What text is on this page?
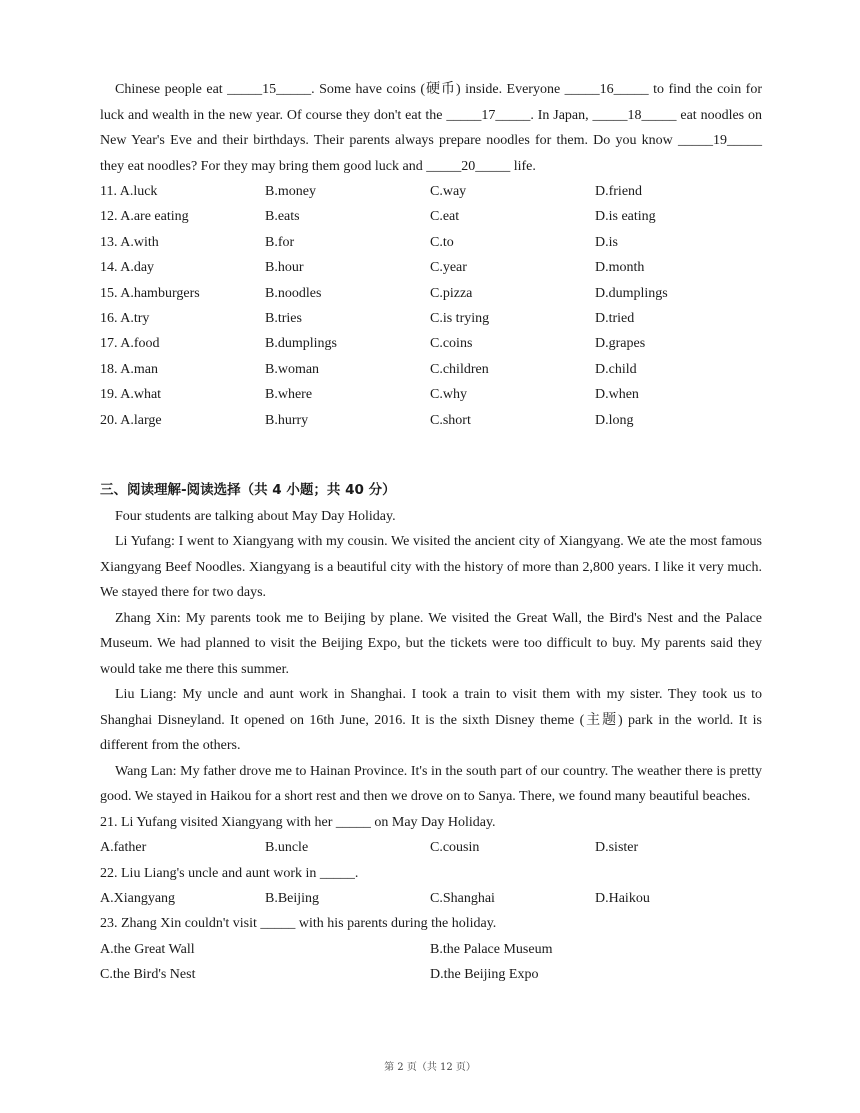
Chinese people eat _____15_____. Some have coins (硬币) inside. Everyone _____16_____ to find the coin for luck and wealth in the new year. Of course they don't eat the _____17_____. In Japan, _____18_____ eat noodles on New Year's Eve and their birthdays. Their parents always prepare noodles for them. Do you know _____19_____ they eat noodles? For they may bring them good luck and _____20_____ life.

11. A.luck	B.money	C.way	D.friend
12. A.are eating	B.eats	C.eat	D.is eating
13. A.with	B.for	C.to	D.is
14. A.day	B.hour	C.year	D.month
15. A.hamburgers	B.noodles	C.pizza	D.dumplings
16. A.try	B.tries	C.is trying	D.tried
17. A.food	B.dumplings	C.coins	D.grapes
18. A.man	B.woman	C.children	D.child
19. A.what	B.where	C.why	D.when
20. A.large	B.hurry	C.short	D.long
三、阅读理解-阅读选择（共 4 小题；共 40 分）

Four students are talking about May Day Holiday.

Li Yufang: I went to Xiangyang with my cousin. We visited the ancient city of Xiangyang. We ate the most famous Xiangyang Beef Noodles. Xiangyang is a beautiful city with the history of more than 2,800 years. I like it very much. We stayed there for two days.

Zhang Xin: My parents took me to Beijing by plane. We visited the Great Wall, the Bird's Nest and the Palace Museum. We had planned to visit the Beijing Expo, but the tickets were too difficult to buy. My parents said they would take me there this summer.

Liu Liang: My uncle and aunt work in Shanghai. I took a train to visit them with my sister. They took us to Shanghai Disneyland. It opened on 16th June, 2016. It is the sixth Disney theme (主题) park in the world. It is different from the others.

Wang Lan: My father drove me to Hainan Province. It's in the south part of our country. The weather there is pretty good. We stayed in Haikou for a short rest and then we drove on to Sanya. There, we found many beautiful beaches.

21. Li Yufang visited Xiangyang with her _____ on May Day Holiday.

A.father	B.uncle	C.cousin	D.sister

22. Liu Liang's uncle and aunt work in _____.

A.Xiangyang	B.Beijing	C.Shanghai	D.Haikou

23. Zhang Xin couldn't visit _____ with his parents during the holiday.

A.the Great Wall	B.the Palace Museum
C.the Bird's Nest	D.the Beijing Expo
第 2 页（共 12 页）
